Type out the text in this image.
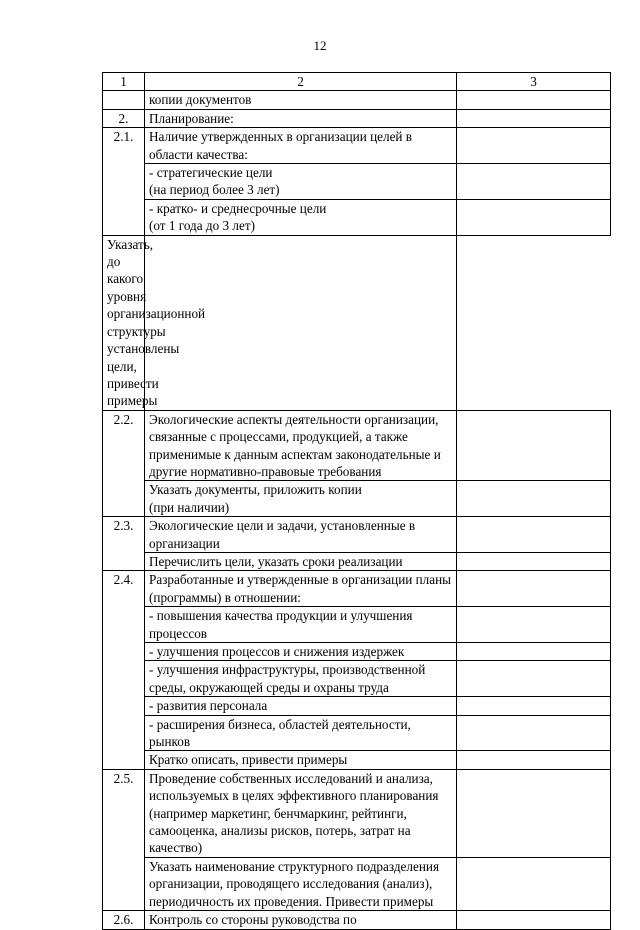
12
1	2	3
	копии документов	
2.	Планирование:	
2.1.	Наличие утвержденных в организации целей в области качества:	
	- стратегические цели
(на период более 3 лет)	
	- кратко- и среднесрочные цели
(от 1 года до 3 лет)	
Указать, до какого уровня организационной структуры установлены цели, привести примеры		
2.2.	Экологические аспекты деятельности организации, связанные с процессами, продукцией, а также применимые к данным аспектам законодательные и другие нормативно-правовые требования	
	Указать документы, приложить копии
(при наличии)	
2.3.	Экологические цели и задачи, установленные в организации	
	Перечислить цели, указать сроки реализации	
2.4.	Разработанные и утвержденные в организации планы (программы) в отношении:	
	- повышения качества продукции и улучшения процессов	
	- улучшения процессов и снижения издержек	
	- улучшения инфраструктуры, производственной среды, окружающей среды и охраны труда	
	- развития персонала	
	- расширения бизнеса, областей деятельности, рынков	
	Кратко описать, привести примеры	
2.5.	Проведение собственных исследований и анализа, используемых в целях эффективного планирования (например маркетинг, бенчмаркинг, рейтинги, самооценка, анализы рисков, потерь, затрат на качество)	
	Указать наименование структурного подразделения организации, проводящего исследования (анализ), периодичность их проведения. Привести примеры	
2.6.	Контроль со стороны руководства по	
